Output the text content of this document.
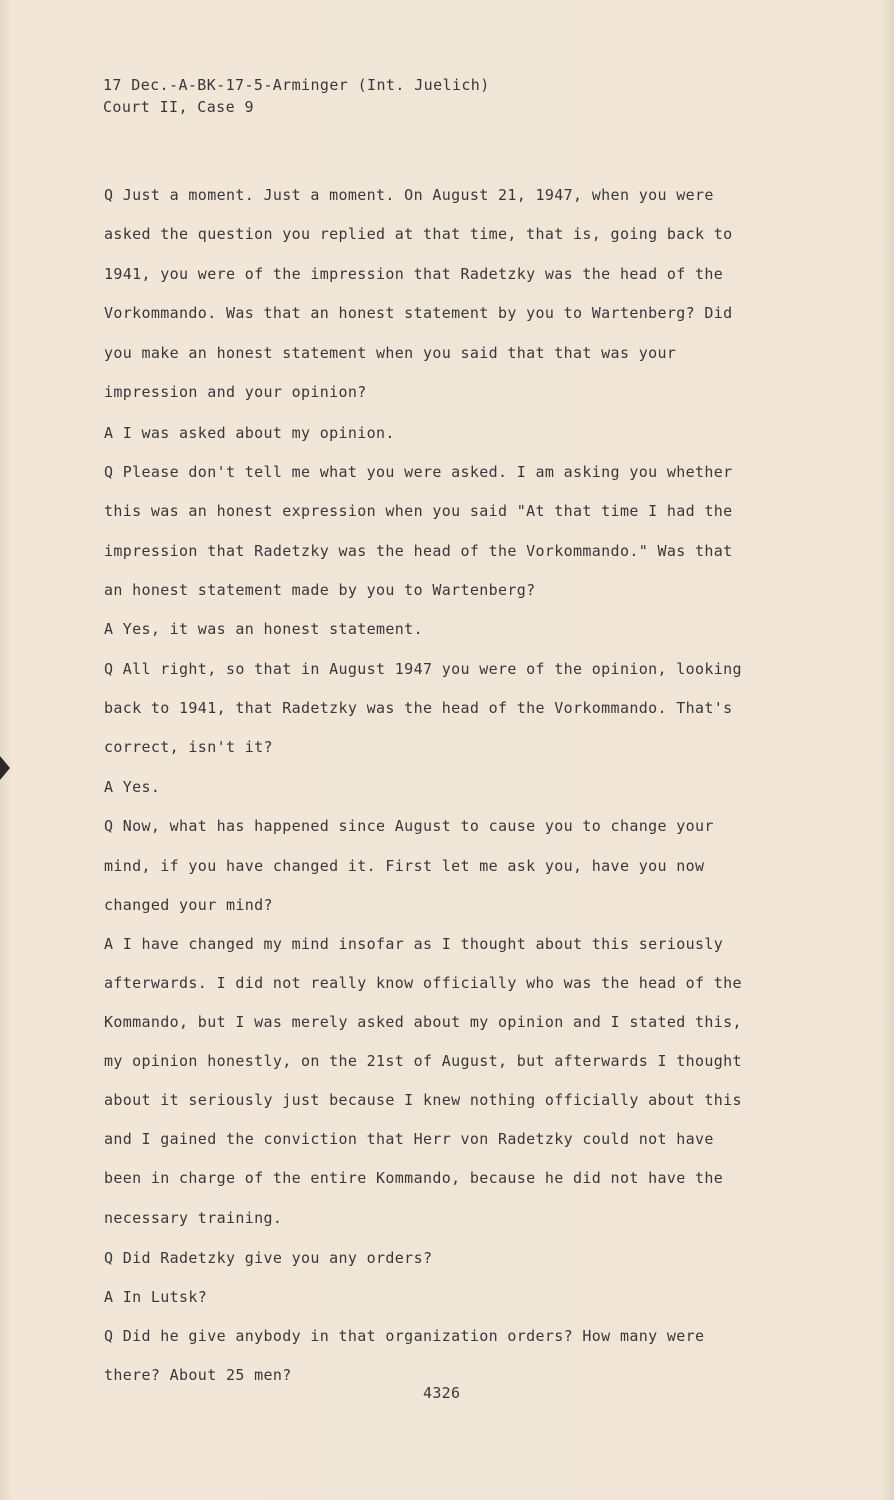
17 Dec.-A-BK-17-5-Arminger (Int. Juelich)
Court II, Case 9
Q Just a moment. Just a moment. On August 21, 1947, when you were
asked the question you replied at that time, that is, going back to
1941, you were of the impression that Radetzky was the head of the
Vorkommando. Was that an honest statement by you to Wartenberg? Did
you make an honest statement when you said that that was your
impression and your opinion?
A I was asked about my opinion.
Q Please don't tell me what you were asked. I am asking you whether
this was an honest expression when you said "At that time I had the
impression that Radetzky was the head of the Vorkommando." Was that
an honest statement made by you to Wartenberg?
A Yes, it was an honest statement.
Q All right, so that in August 1947 you were of the opinion, looking
back to 1941, that Radetzky was the head of the Vorkommando. That's
correct, isn't it?
A Yes.
Q Now, what has happened since August to cause you to change your
mind, if you have changed it. First let me ask you, have you now
changed your mind?
A I have changed my mind insofar as I thought about this seriously
afterwards. I did not really know officially who was the head of the
Kommando, but I was merely asked about my opinion and I stated this,
my opinion honestly, on the 21st of August, but afterwards I thought
about it seriously just because I knew nothing officially about this
and I gained the conviction that Herr von Radetzky could not have
been in charge of the entire Kommando, because he did not have the
necessary training.
Q Did Radetzky give you any orders?
A In Lutsk?
Q Did he give anybody in that organization orders? How many were
there? About 25 men?
4326
